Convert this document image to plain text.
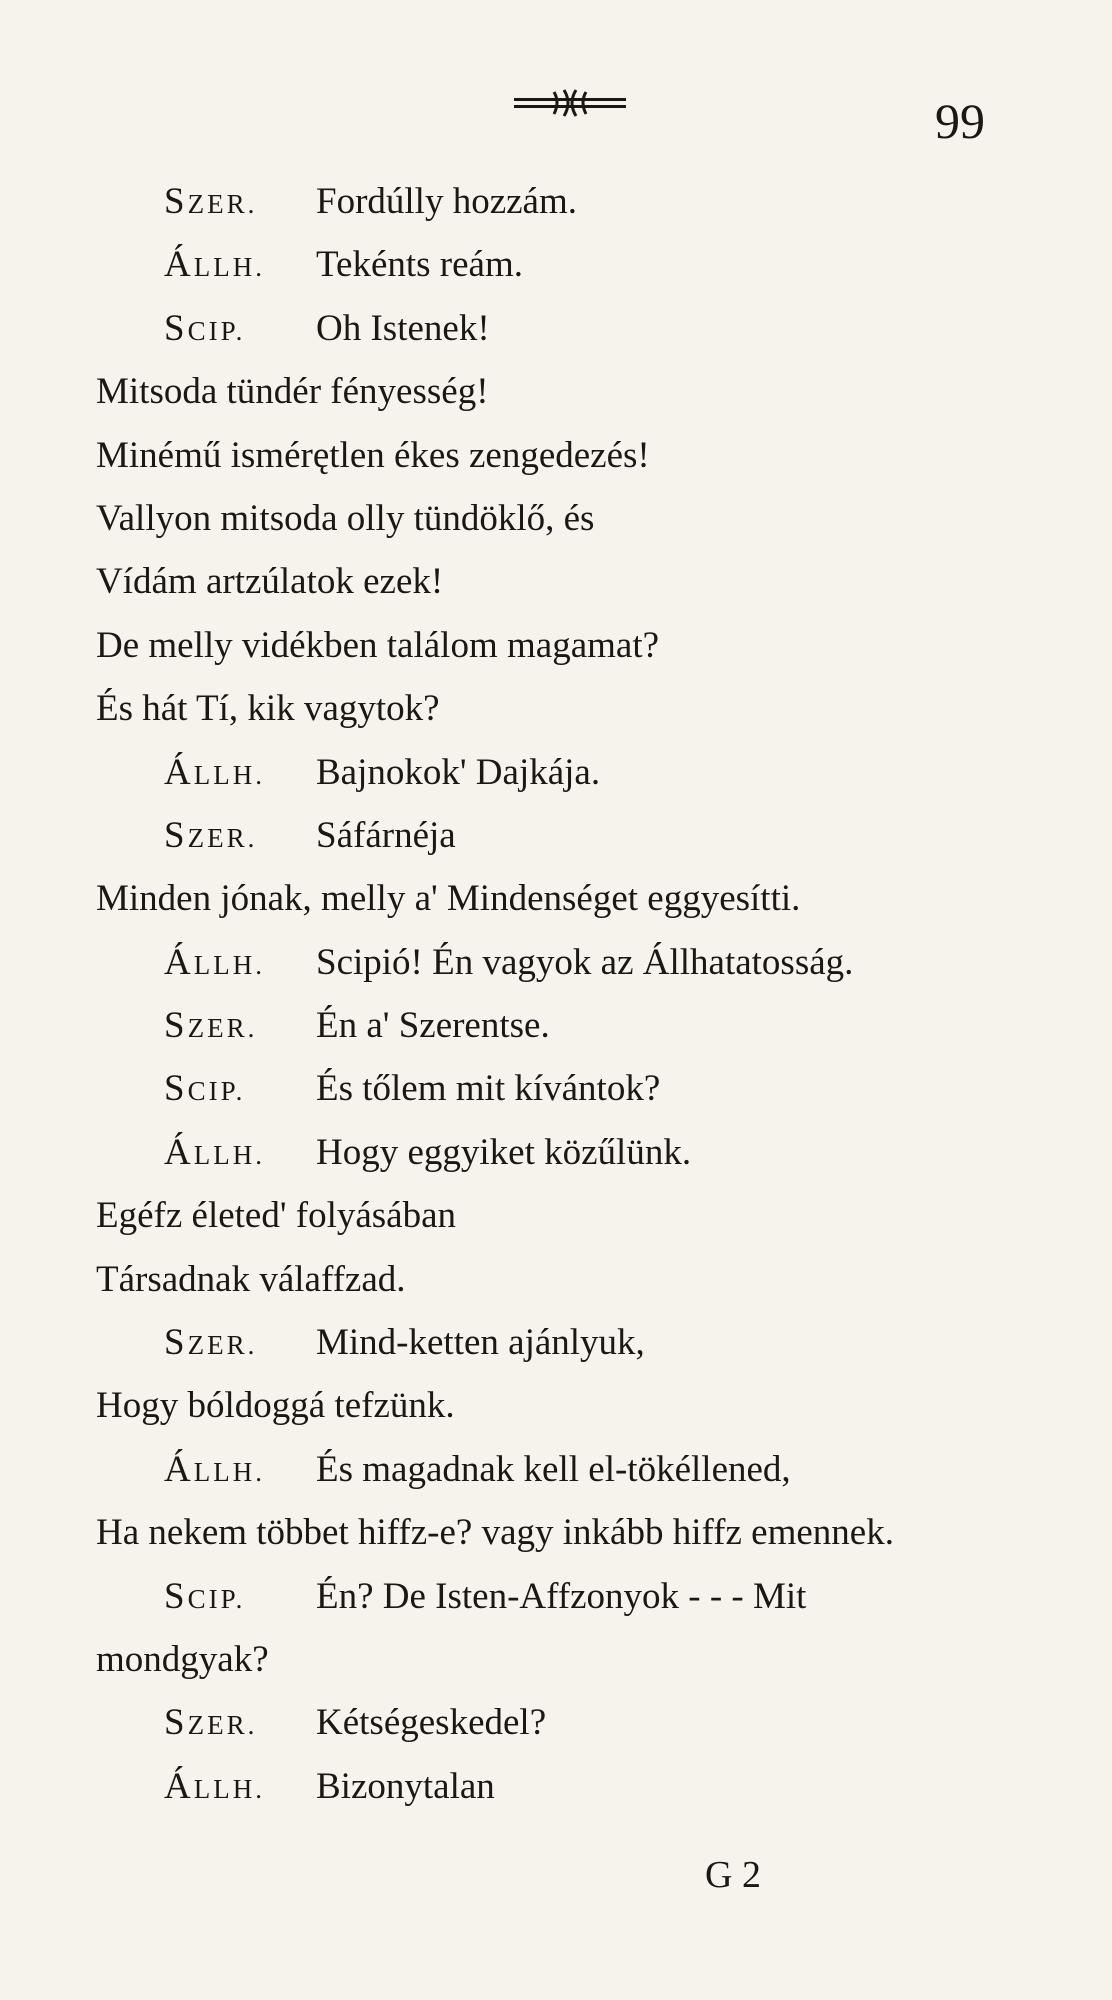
99
SZER. Fordúlly hozzám.
ÁLLH. Tekénts reám.
SCIP. Oh Istenek!
Mitsoda tündér fényesség!
Minémű ismérętlen ékes zengedezés!
Vallyon mitsoda olly tündöklő, és
Vídám artzúlatok ezek!
De melly vidékben találom magamat?
És hát Tí, kik vagytok?
ÁLLH. Bajnokok' Dajkája.
SZER. Sáfárnéja
Minden jónak, melly a' Mindenséget eggyesítti.
ÁLLH. Scipió! Én vagyok az Állhatatosság.
SZER. Én a' Szerentse.
SCIP. És tőlem mit kívántok?
ÁLLH. Hogy eggyiket közűlünk.
Egéfz életed' folyásában
Társadnak válaffzad.
SZER. Mind-ketten ajánlyuk,
Hogy bóldoggá tefzünk.
ÁLLH. És magadnak kell el-tökéllened,
Ha nekem többet hiffz-e? vagy inkább hiffz emennek.
SCIP. Én? De Isten-Affzonyok - - - Mit
mondgyak?
SZER. Kétségeskedel?
ÁLLH. Bizonytalan
G 2
